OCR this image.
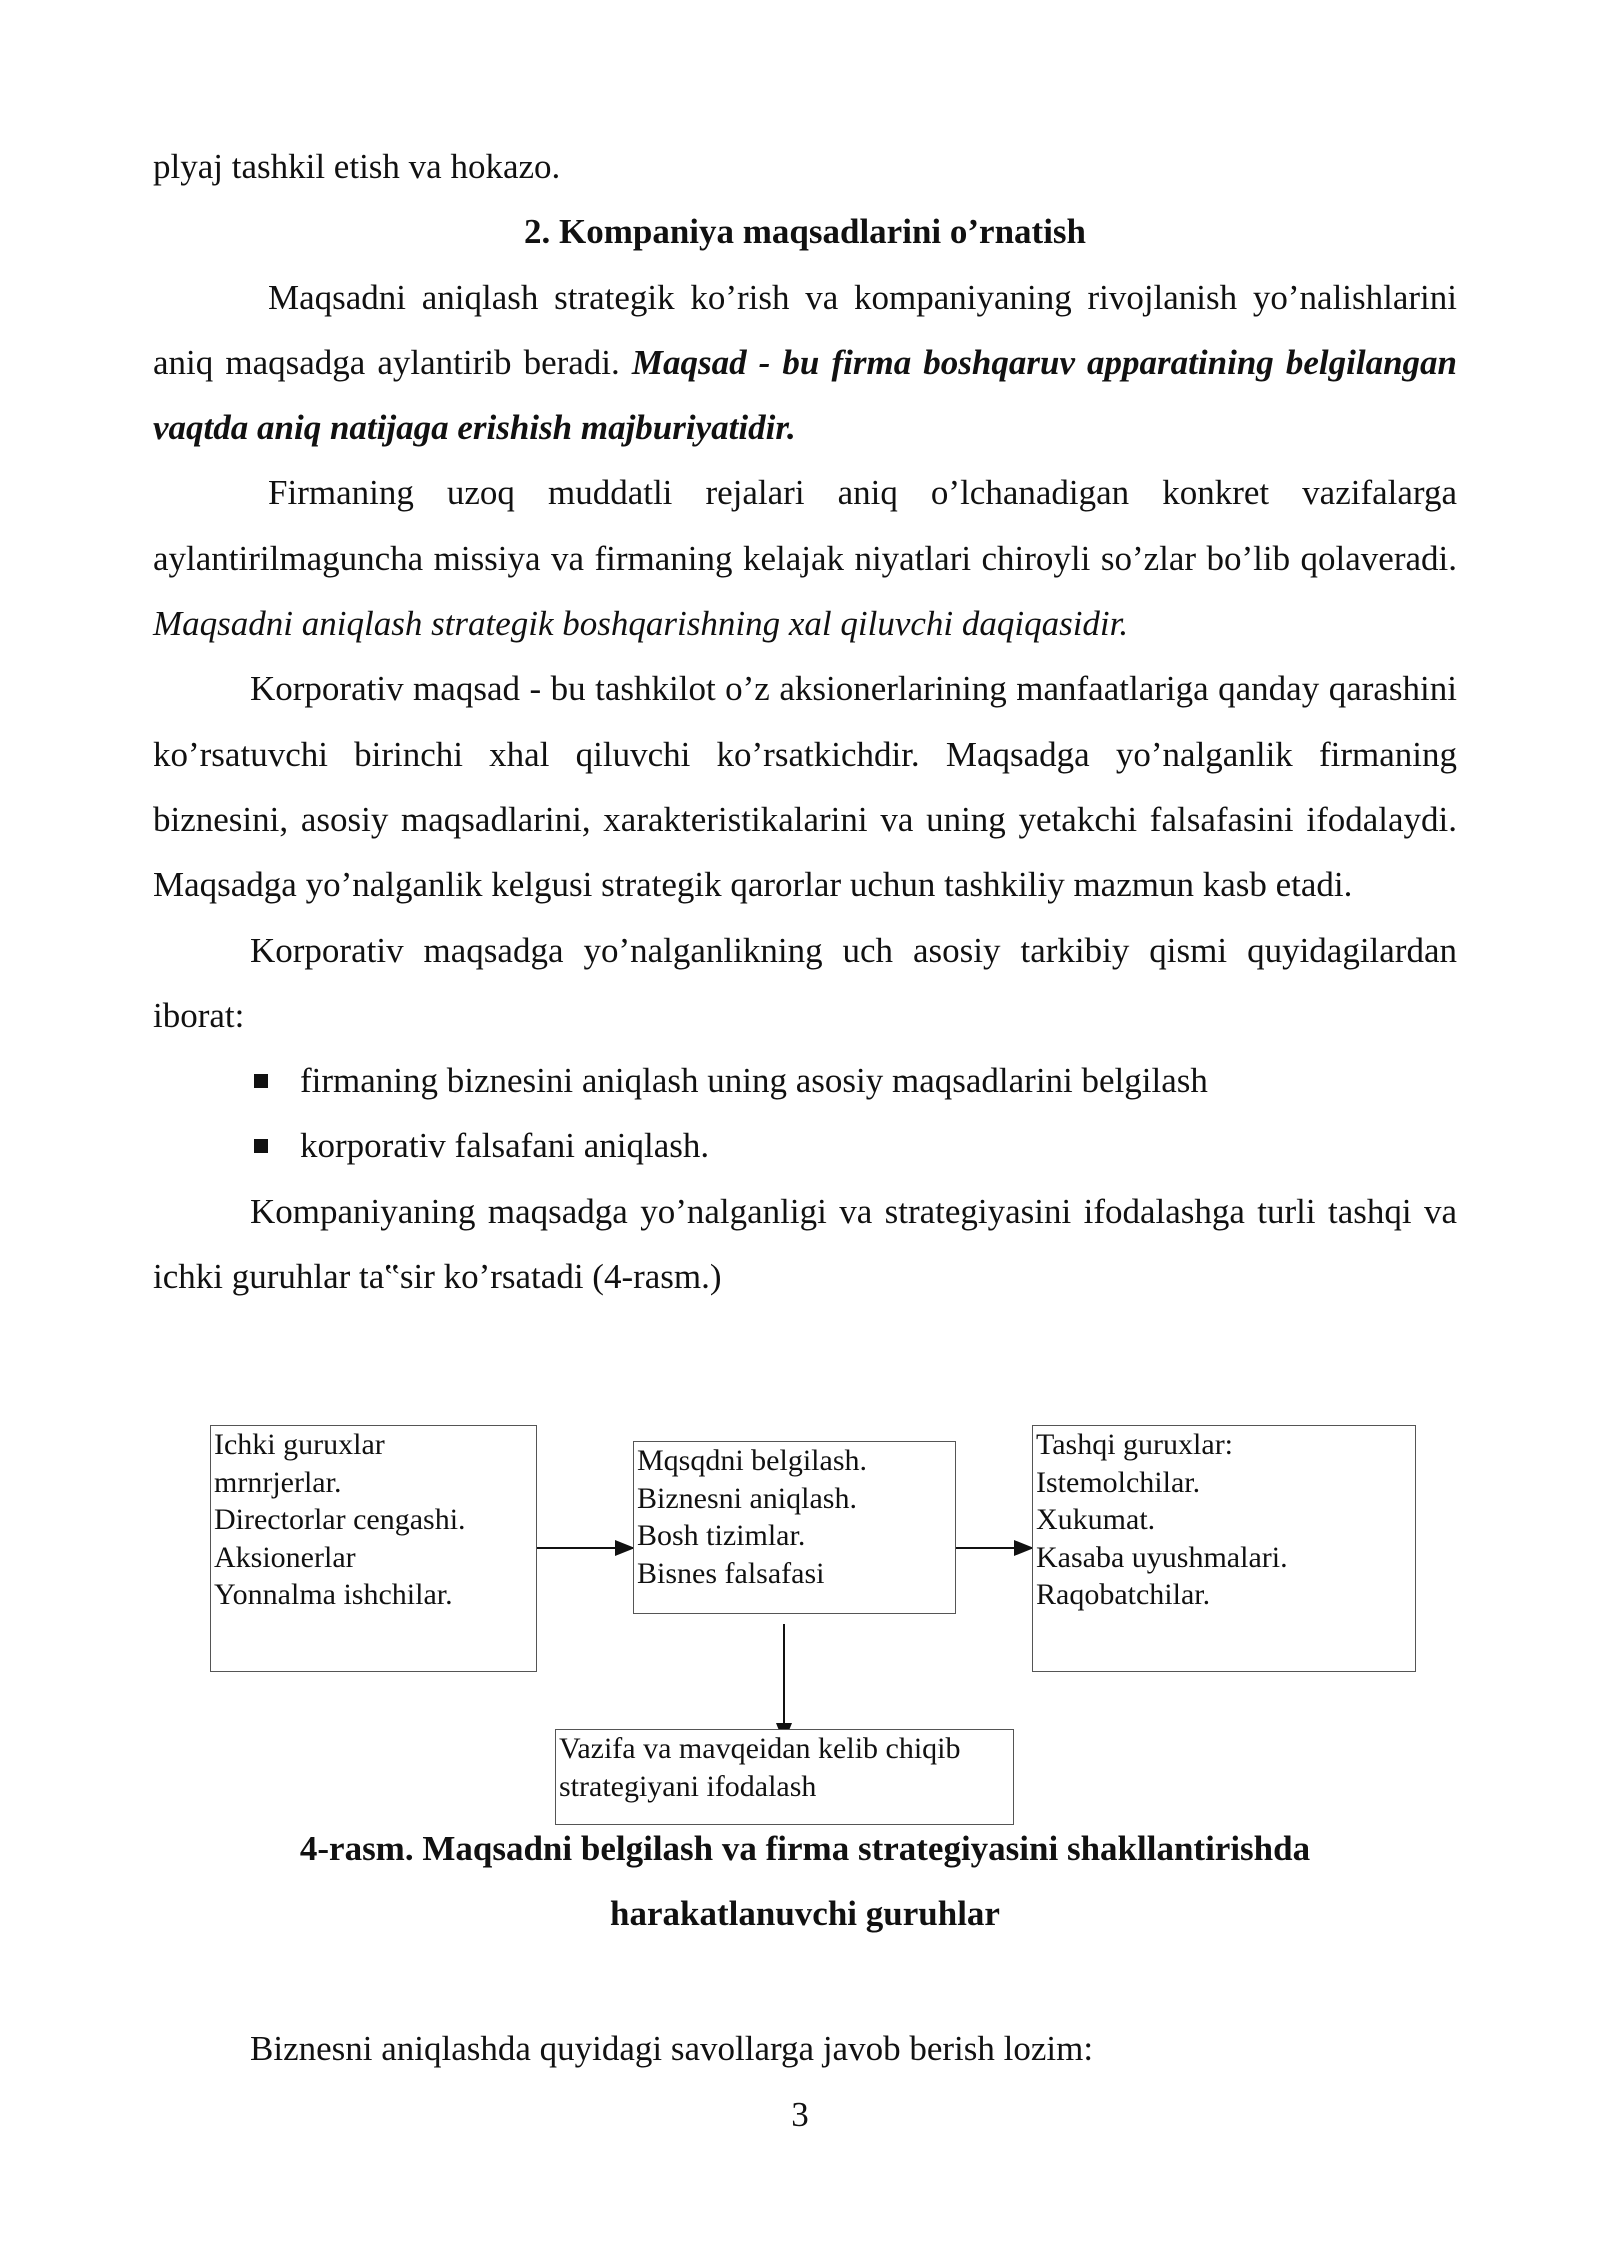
plyaj tashkil etish va hokazo.

2. Kompaniya maqsadlarini o’rnatish

Maqsadni aniqlash strategik ko’rish va kompaniyaning rivojlanish yo’nalishlarini aniq maqsadga aylantirib beradi. Maqsad - bu firma boshqaruv apparatining belgilangan vaqtda aniq natijaga erishish majburiyatidir.

Firmaning uzoq muddatli rejalari aniq o’lchanadigan konkret vazifalarga aylantirilmaguncha missiya va firmaning kelajak niyatlari chiroyli so’zlar bo’lib qolaveradi. Maqsadni aniqlash strategik boshqarishning xal qiluvchi daqiqasidir.

Korporativ maqsad - bu tashkilot o’z aksionerlarining manfaatlariga qanday qarashini ko’rsatuvchi birinchi xhal qiluvchi ko’rsatkichdir. Maqsadga yo’nalganlik firmaning biznesini, asosiy maqsadlarini, xarakteristikalarini va uning yetakchi falsafasini ifodalaydi. Maqsadga yo’nalganlik kelgusi strategik qarorlar uchun tashkiliy mazmun kasb etadi.

Korporativ maqsadga yo’nalganlikning uch asosiy tarkibiy qismi quyidagilardan iborat:

firmaning biznesini aniqlash uning asosiy maqsadlarini belgilash
korporativ falsafani aniqlash.

Kompaniyaning maqsadga yo’nalganligi va strategiyasini ifodalashga turli tashqi va ichki guruhlar ta‟sir ko’rsatadi (4-rasm.)

Ichki guruxlar
mrnrjerlar.
Directorlar cengashi.
Aksionerlar
Yonnalma ishchilar.
Mqsqdni belgilash.
Biznesni aniqlash.
Bosh tizimlar.
Bisnes falsafasi
Tashqi guruxlar:
Istemolchilar.
Xukumat.
Kasaba uyushmalari.
Raqobatchilar.
Vazifa va mavqeidan kelib chiqib
strategiyani ifodalash
4-rasm. Maqsadni belgilash va firma strategiyasini shakllantirishda
harakatlanuvchi guruhlar
Biznesni aniqlashda quyidagi savollarga javob berish lozim:
3
